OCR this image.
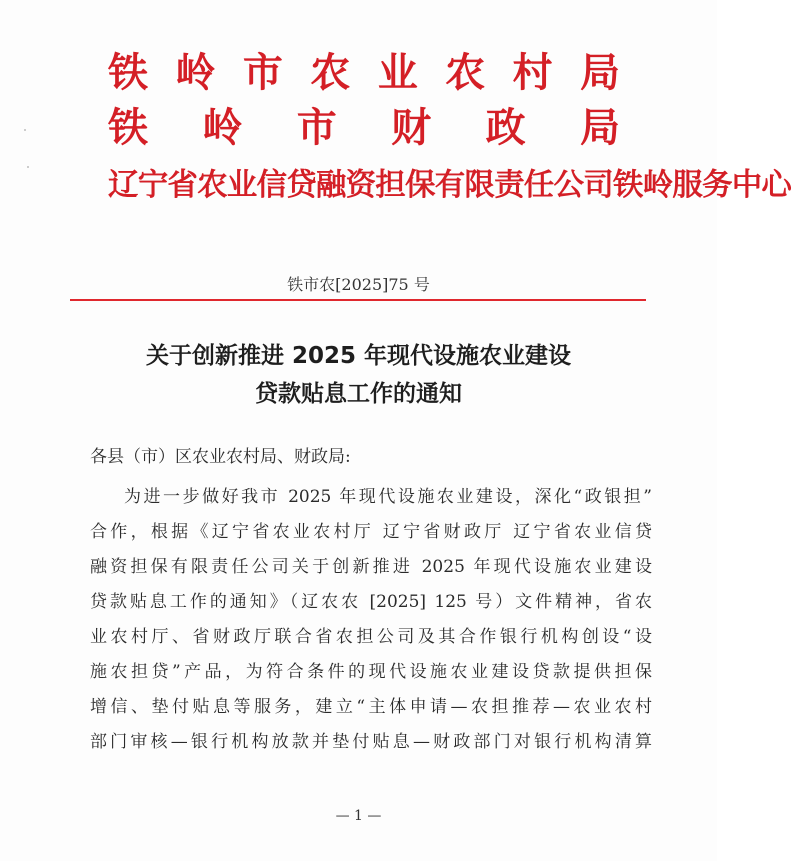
铁 岭 市 农 业 农 村 局
铁 岭 市 财 政 局
辽宁省农业信贷融资担保有限责任公司铁岭服务中心
铁市农[2025]75 号
关于创新推进 2025 年现代设施农业建设
贷款贴息工作的通知
各县（市）区农业农村局、财政局:
为进一步做好我市 2025 年现代设施农业建设，深化“政银担”
合作，根据《辽宁省农业农村厅 辽宁省财政厅 辽宁省农业信贷
融资担保有限责任公司关于创新推进 2025 年现代设施农业建设
贷款贴息工作的通知》（辽农农 [2025] 125 号）文件精神，省农
业农村厅、省财政厅联合省农担公司及其合作银行机构创设“设
施农担贷”产品，为符合条件的现代设施农业建设贷款提供担保
增信、垫付贴息等服务，建立“主体申请—农担推荐—农业农村
部门审核—银行机构放款并垫付贴息—财政部门对银行机构清算
— 1 —
